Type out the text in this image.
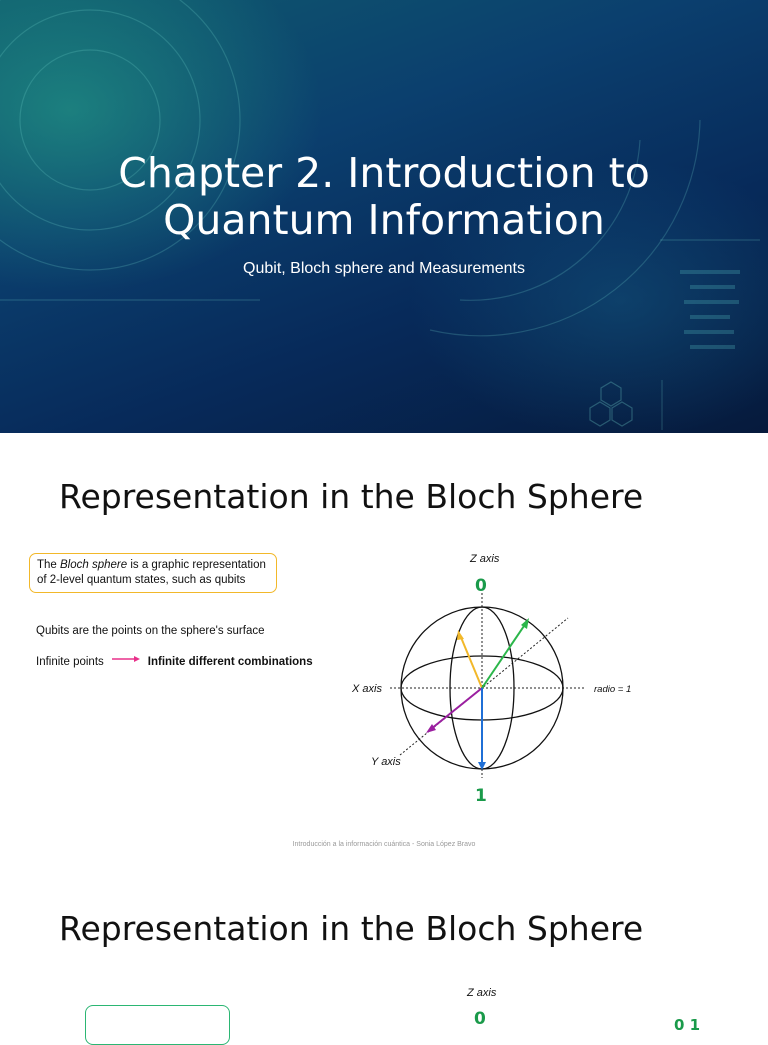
Chapter 2. Introduction to
Quantum Information
Qubit, Bloch sphere and Measurements
Representation in the Bloch Sphere
The Bloch sphere is a graphic representation of 2-level quantum states, such as qubits
Qubits are the points on the sphere's surface
Infinite points	Infinite different combinations
Z axis
0
X axis	radio = 1
Y axis
1
Introducción a la información cuántica - Sonia López Bravo
Representation in the Bloch Sphere
Z axis
0	0 1
